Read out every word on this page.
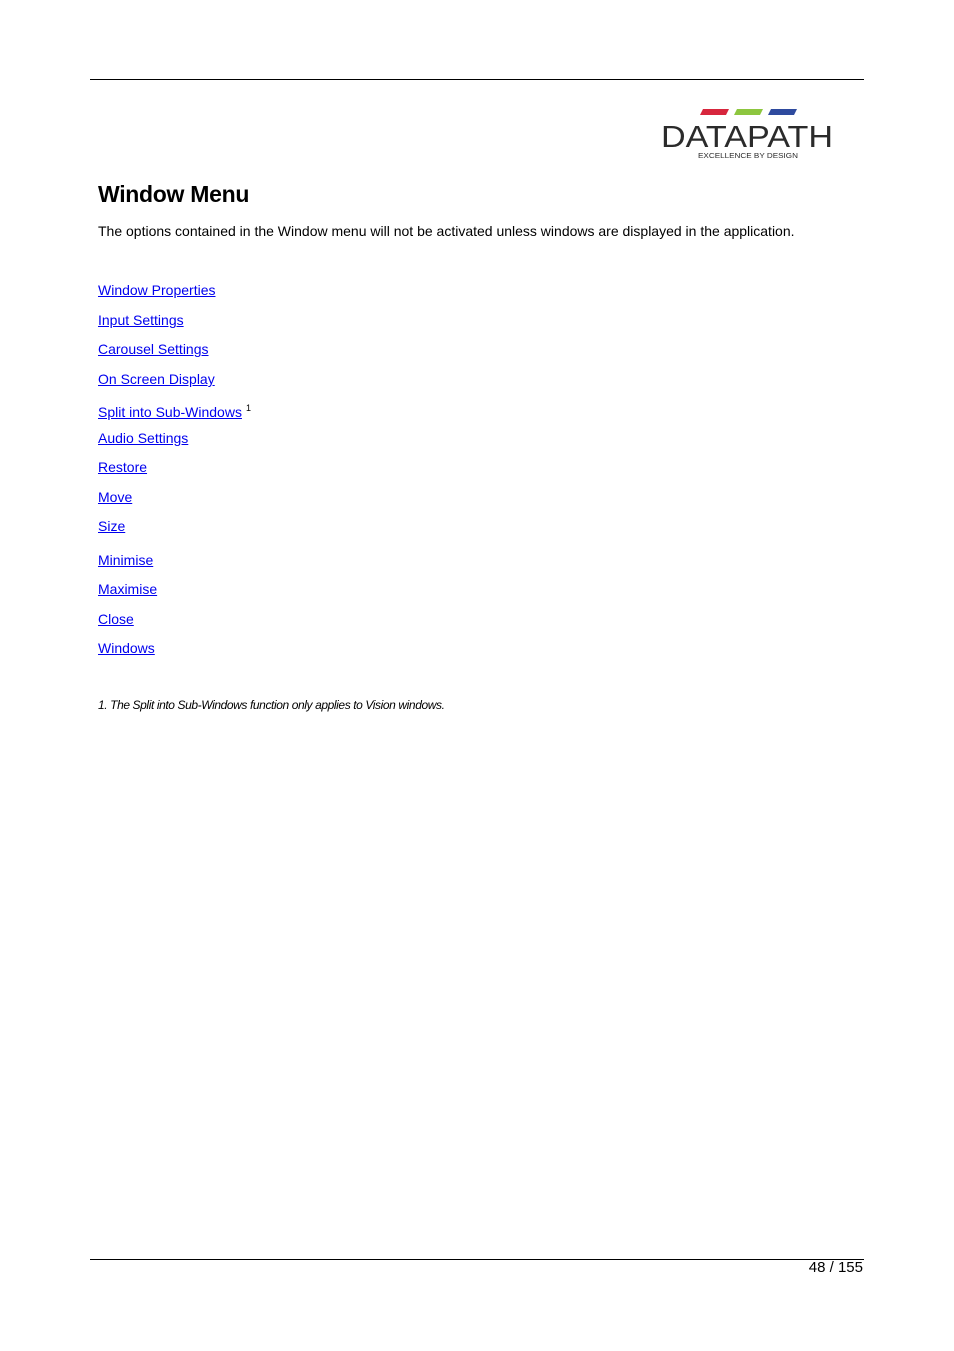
DATAPATH
EXCELLENCE BY DESIGN
Window Menu

The options contained in the Window menu will not be activated unless windows are displayed in the application.

Window Properties
Input Settings
Carousel Settings
On Screen Display
Split into Sub-Windows $^1$
Audio Settings
Restore
Move
Size
Minimise
Maximise
Close
Windows

1. The Split into Sub-Windows function only applies to Vision windows.

48 / 155
